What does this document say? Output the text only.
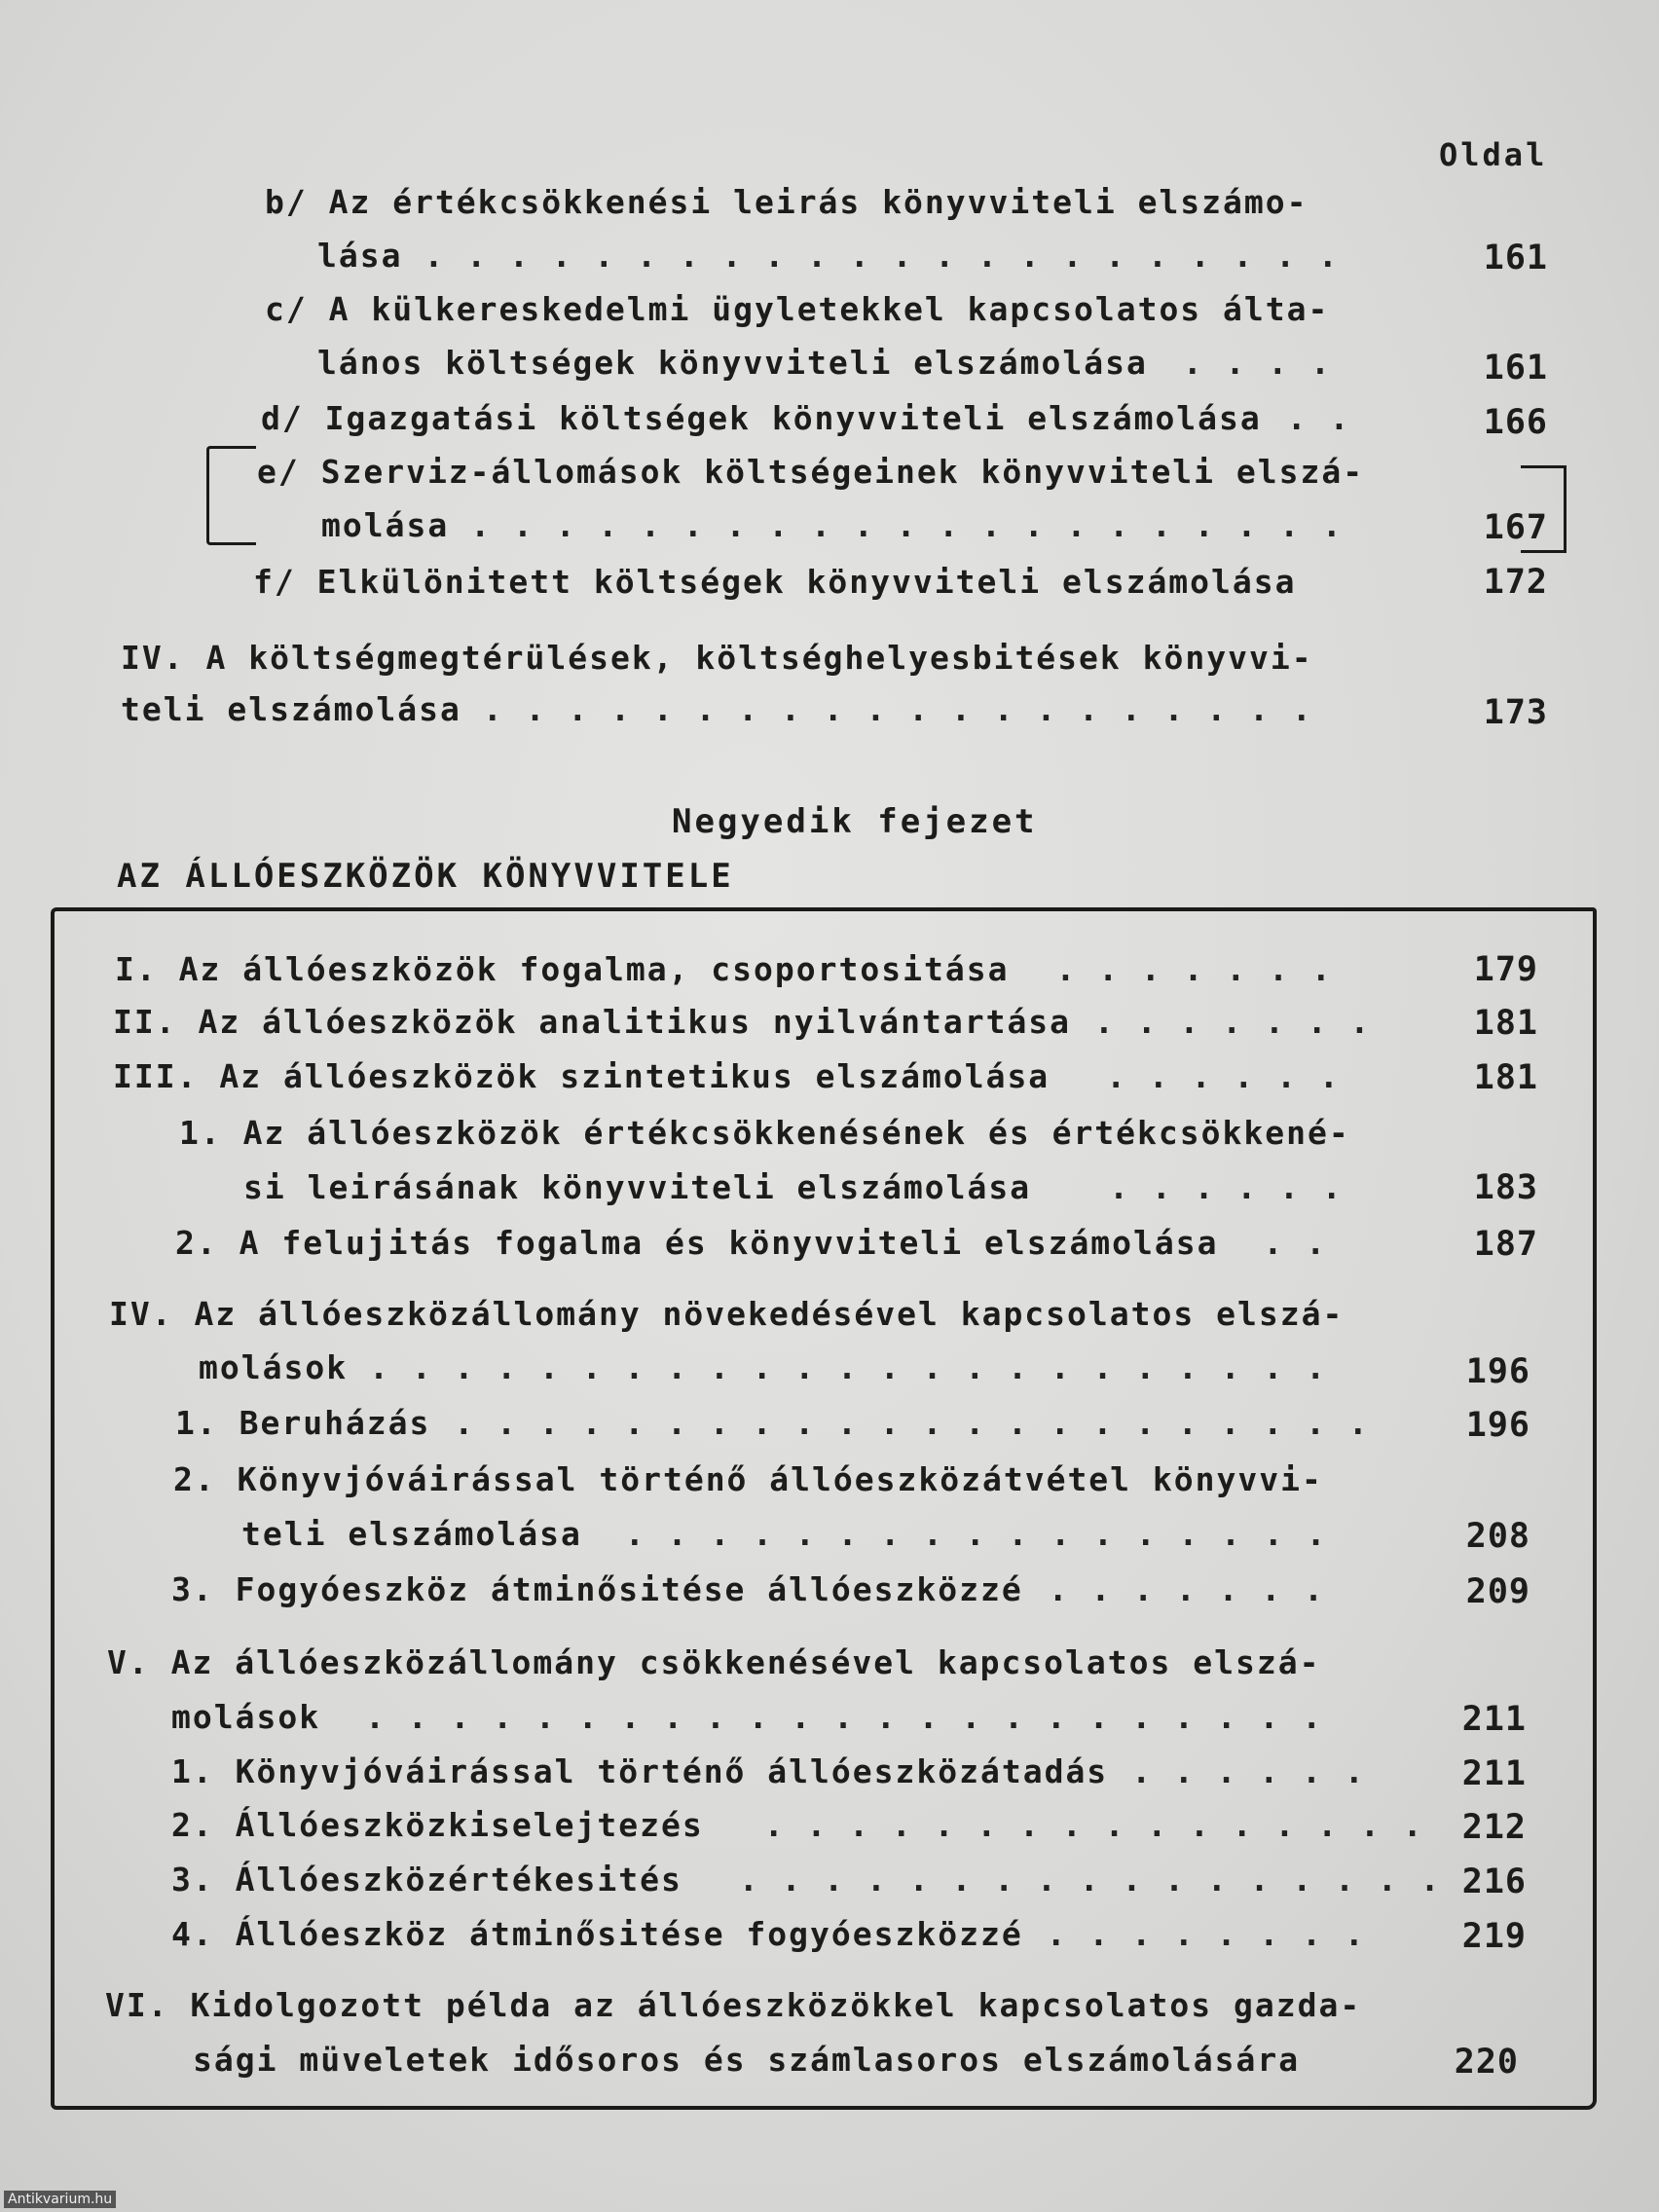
Oldal
b/ Az értékcsökkenési leirás könyvviteli elszámo-
lása . . . . . . . . . . . . . . . . . . . . . .	161
c/ A külkereskedelmi ügyletekkel kapcsolatos álta-
lános költségek könyvviteli elszámolása . . . .	161
d/ Igazgatási költségek könyvviteli elszámolása . .	166
e/ Szerviz-állomások költségeinek könyvviteli elszá-
molása . . . . . . . . . . . . . . . . . . . . .	167
f/ Elkülönitett költségek könyvviteli elszámolása	172
IV. A költségmegtérülések, költséghelyesbitések könyvvi-
teli elszámolása . . . . . . . . . . . . . . . . . . . .	173
Negyedik fejezet
AZ ÁLLÓESZKÖZÖK KÖNYVVITELE
I. Az állóeszközök fogalma, csoportositása . . . . . . .	179
II. Az állóeszközök analitikus nyilvántartása . . . . . . .	181
III. Az állóeszközök szintetikus elszámolása . . . . . .	181
1. Az állóeszközök értékcsökkenésének és értékcsökkené-
si leirásának könyvviteli elszámolása . . . . . .	183
2. A felujitás fogalma és könyvviteli elszámolása . .	187
IV. Az állóeszközállomány növekedésével kapcsolatos elszá-
molások . . . . . . . . . . . . . . . . . . . . . . .	196
1. Beruházás . . . . . . . . . . . . . . . . . . . . . .	196
2. Könyvjóváirással történő állóeszközátvétel könyvvi-
teli elszámolása . . . . . . . . . . . . . . . . .	208
3. Fogyóeszköz átminősitése állóeszközzé . . . . . . .	209
V. Az állóeszközállomány csökkenésével kapcsolatos elszá-
molások . . . . . . . . . . . . . . . . . . . . . . .	211
1. Könyvjóváirással történő állóeszközátadás . . . . . .	211
2. Állóeszközkiselejtezés . . . . . . . . . . . . . . . .	212
3. Állóeszközértékesités . . . . . . . . . . . . . . . . . 216
4. Állóeszköz átminősitése fogyóeszközzé . . . . . . . .	219
VI. Kidolgozott példa az állóeszközökkel kapcsolatos gazda-
sági müveletek idősoros és számlasoros elszámolására	220
Antikvarium.hu
